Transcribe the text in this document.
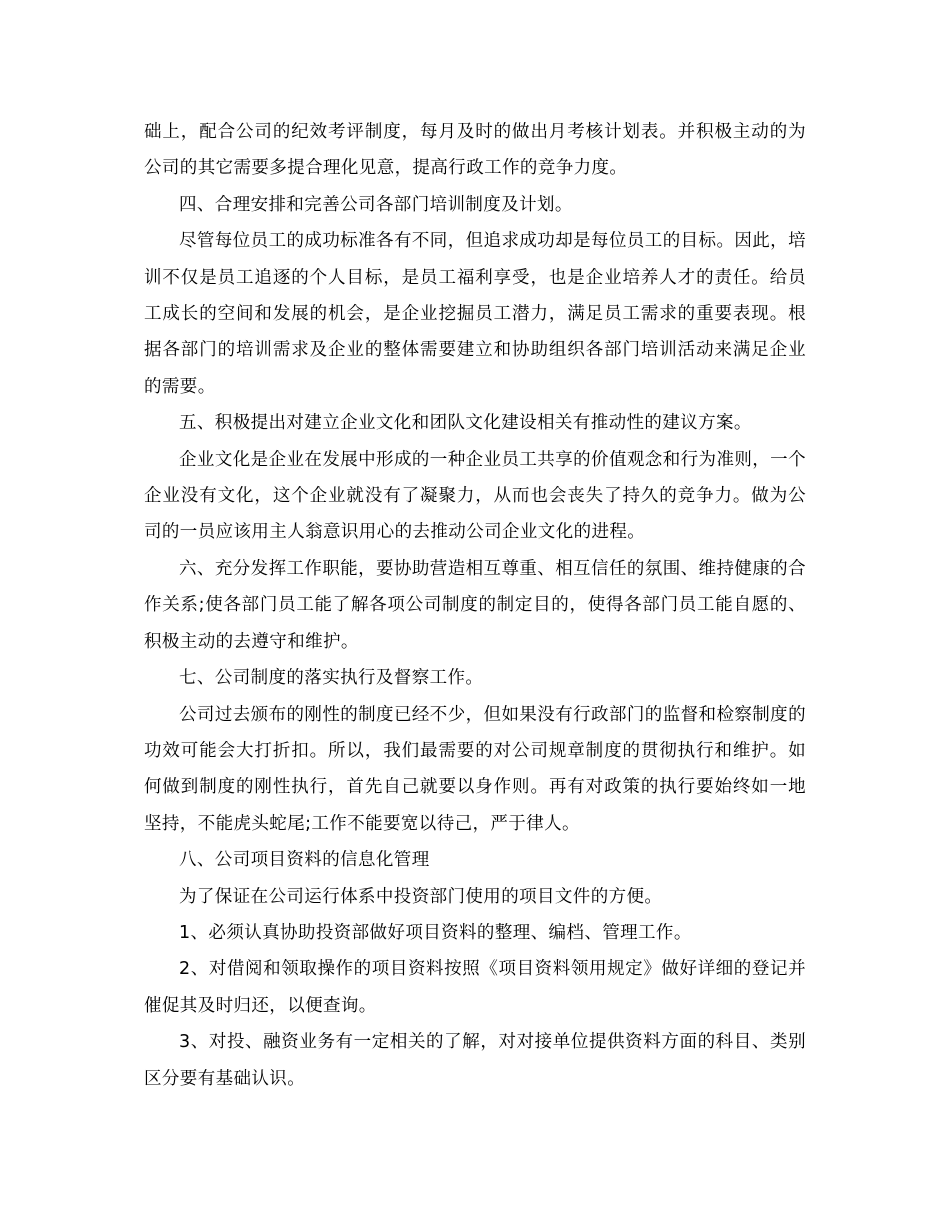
础上，配合公司的纪效考评制度，每月及时的做出月考核计划表。并积极主动的为公司的其它需要多提合理化见意，提高行政工作的竞争力度。

四、合理安排和完善公司各部门培训制度及计划。

尽管每位员工的成功标准各有不同，但追求成功却是每位员工的目标。因此，培训不仅是员工追逐的个人目标，是员工福利享受，也是企业培养人才的责任。给员工成长的空间和发展的机会，是企业挖掘员工潜力，满足员工需求的重要表现。根据各部门的培训需求及企业的整体需要建立和协助组织各部门培训活动来满足企业的需要。

五、积极提出对建立企业文化和团队文化建设相关有推动性的建议方案。

企业文化是企业在发展中形成的一种企业员工共享的价值观念和行为准则，一个企业没有文化，这个企业就没有了凝聚力，从而也会丧失了持久的竞争力。做为公司的一员应该用主人翁意识用心的去推动公司企业文化的进程。

六、充分发挥工作职能，要协助营造相互尊重、相互信任的氛围、维持健康的合作关系;使各部门员工能了解各项公司制度的制定目的，使得各部门员工能自愿的、积极主动的去遵守和维护。

七、公司制度的落实执行及督察工作。

公司过去颁布的刚性的制度已经不少，但如果没有行政部门的监督和检察制度的功效可能会大打折扣。所以，我们最需要的对公司规章制度的贯彻执行和维护。如何做到制度的刚性执行，首先自己就要以身作则。再有对政策的执行要始终如一地坚持，不能虎头蛇尾;工作不能要宽以待己，严于律人。

八、公司项目资料的信息化管理

为了保证在公司运行体系中投资部门使用的项目文件的方便。

1、必须认真协助投资部做好项目资料的整理、编档、管理工作。

2、对借阅和领取操作的项目资料按照《项目资料领用规定》做好详细的登记并催促其及时归还，以便查询。

3、对投、融资业务有一定相关的了解，对对接单位提供资料方面的科目、类别区分要有基础认识。
